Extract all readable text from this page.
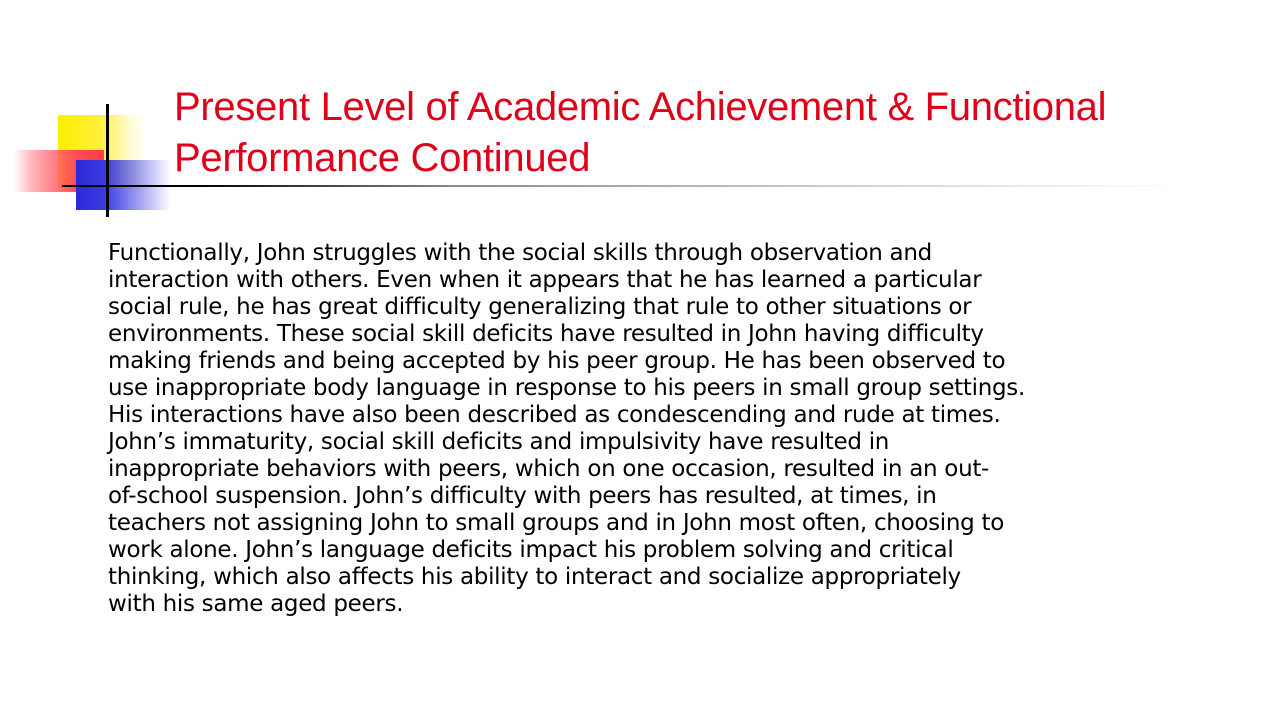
Present Level of Academic Achievement & Functional
Performance Continued
Functionally, John struggles with the social skills through observation and
interaction with others. Even when it appears that he has learned a particular
social rule, he has great difficulty generalizing that rule to other situations or
environments. These social skill deficits have resulted in John having difficulty
making friends and being accepted by his peer group. He has been observed to
use inappropriate body language in response to his peers in small group settings.
His interactions have also been described as condescending and rude at times.
John’s immaturity, social skill deficits and impulsivity have resulted in
inappropriate behaviors with peers, which on one occasion, resulted in an out-
of-school suspension. John’s difficulty with peers has resulted, at times, in
teachers not assigning John to small groups and in John most often, choosing to
work alone. John’s language deficits impact his problem solving and critical
thinking, which also affects his ability to interact and socialize appropriately
with his same aged peers.
